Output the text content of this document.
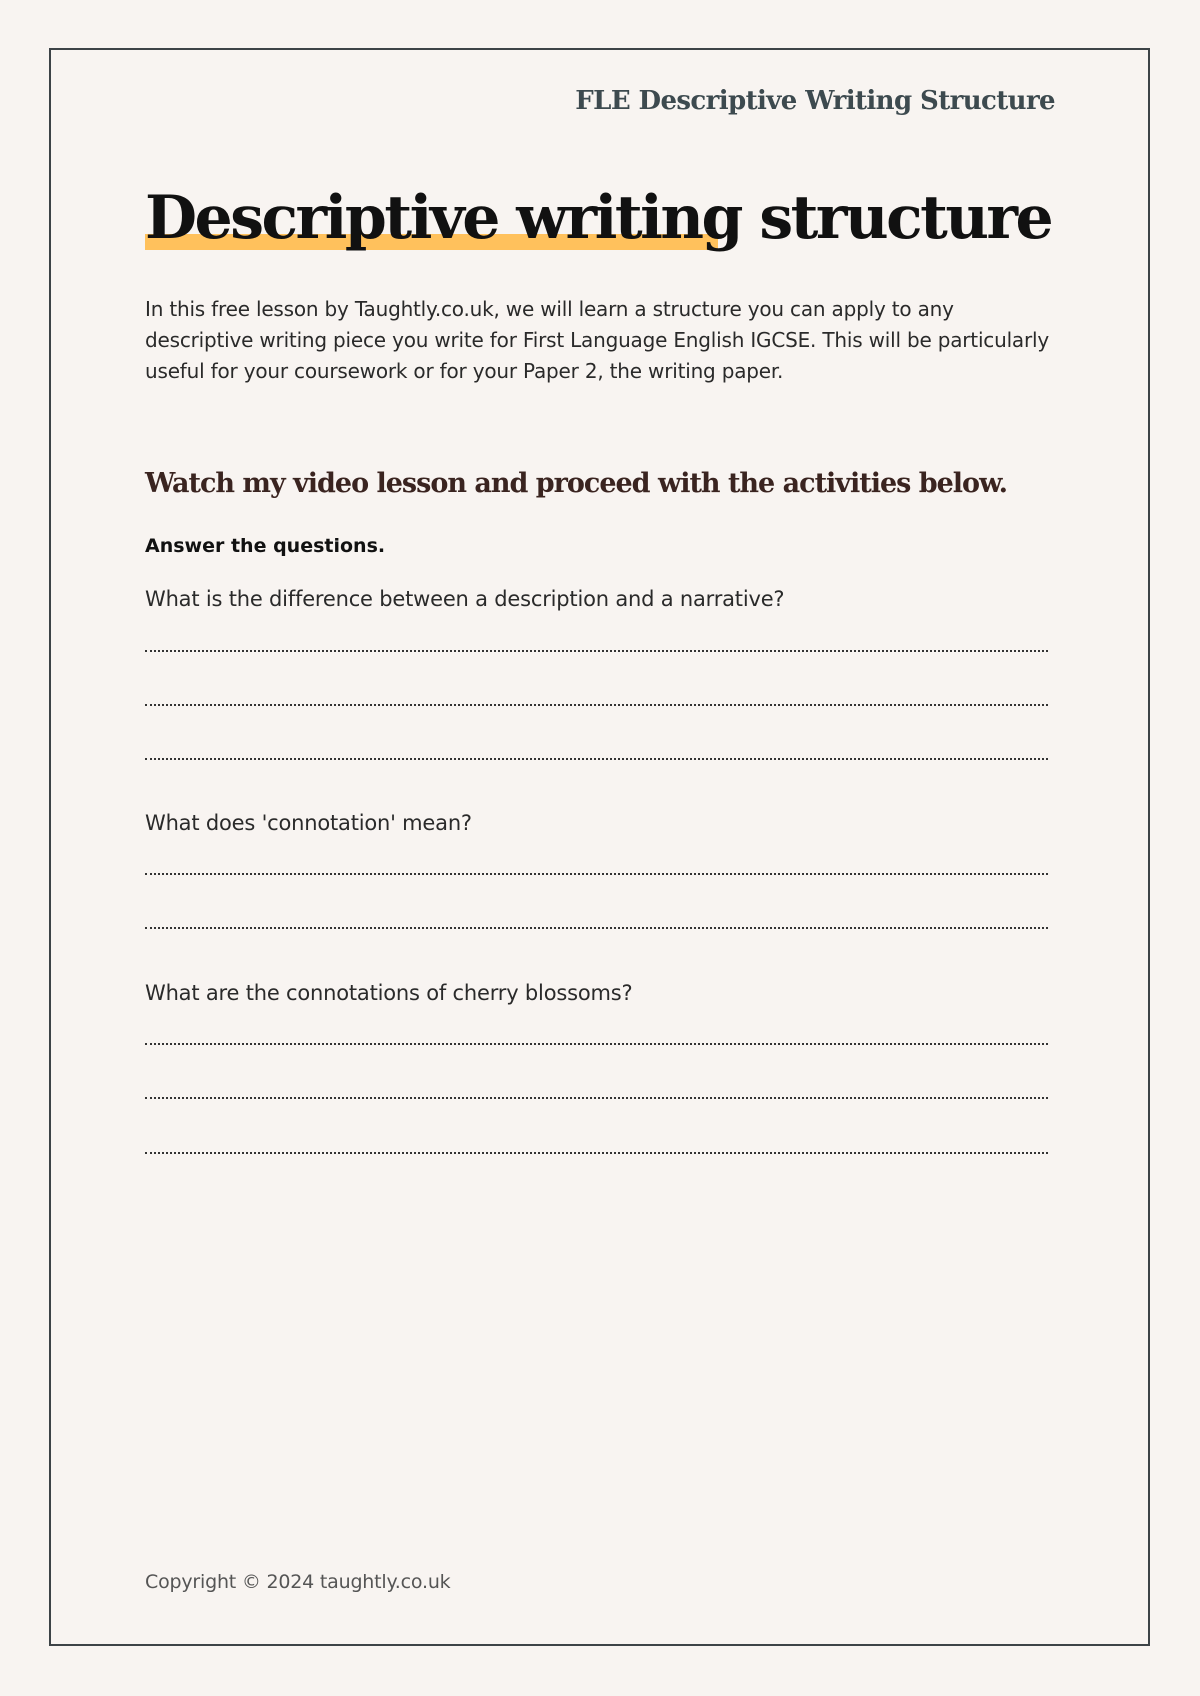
FLE Descriptive Writing Structure
Descriptive writing structure

In this free lesson by Taughtly.co.uk, we will learn a structure you can apply to any descriptive writing piece you write for First Language English IGCSE. This will be particularly useful for your coursework or for your Paper 2, the writing paper.

Watch my video lesson and proceed with the activities below.

Answer the questions.

What is the difference between a description and a narrative?

What does 'connotation' mean?

What are the connotations of cherry blossoms?

Copyright © 2024 taughtly.co.uk
